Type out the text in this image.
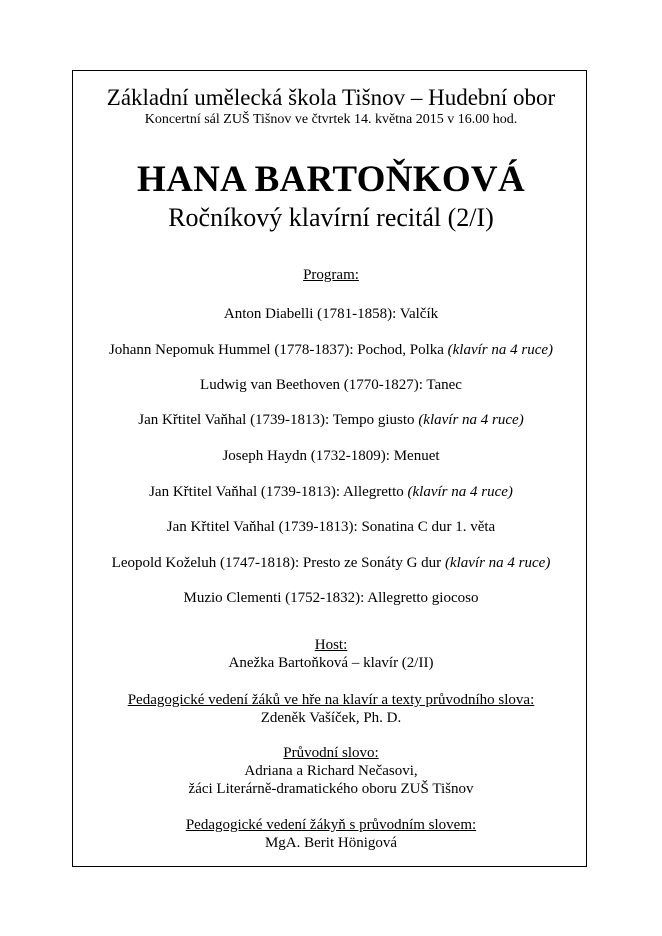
Základní umělecká škola Tišnov – Hudební obor
Koncertní sál ZUŠ Tišnov ve čtvrtek 14. května 2015 v 16.00 hod.
HANA BARTOŇKOVÁ
Ročníkový klavírní recitál (2/I)
Program:
Anton Diabelli (1781-1858): Valčík
Johann Nepomuk Hummel (1778-1837): Pochod, Polka (klavír na 4 ruce)
Ludwig van Beethoven (1770-1827): Tanec
Jan Křtitel Vaňhal (1739-1813): Tempo giusto (klavír na 4 ruce)
Joseph Haydn (1732-1809): Menuet
Jan Křtitel Vaňhal (1739-1813): Allegretto (klavír na 4 ruce)
Jan Křtitel Vaňhal (1739-1813): Sonatina C dur 1. věta
Leopold Koželuh (1747-1818): Presto ze Sonáty G dur (klavír na 4 ruce)
Muzio Clementi (1752-1832): Allegretto giocoso
Host:
Anežka Bartoňková – klavír (2/II)
Pedagogické vedení žáků ve hře na klavír a texty průvodního slova:
Zdeněk Vašíček, Ph. D.
Průvodní slovo:
Adriana a Richard Nečasovi,
žáci Literárně-dramatického oboru ZUŠ Tišnov
Pedagogické vedení žákyň s průvodním slovem:
MgA. Berit Hönigová
